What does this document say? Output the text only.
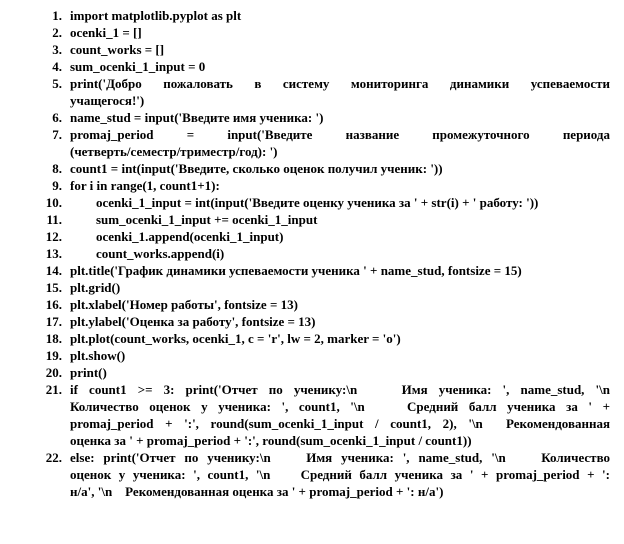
1. import matplotlib.pyplot as plt
2. ocenki_1 = []
3. count_works = []
4. sum_ocenki_1_input = 0
5. print('Добро пожаловать в систему мониторинга динамики успеваемости
учащегося!')
6. name_stud = input('Введите имя ученика: ')
7. promaj_period = input('Введите название промежуточного периода
(четверть/семестр/триместр/год): ')
8. count1 = int(input('Введите, сколько оценок получил ученик: '))
9. for i in range(1, count1+1):
10.	ocenki_1_input = int(input('Введите оценку ученика за ' + str(i) + ' работу: '))
11.	sum_ocenki_1_input += ocenki_1_input
12.	ocenki_1.append(ocenki_1_input)
13.	count_works.append(i)
14. plt.title('График динамики успеваемости ученика ' + name_stud, fontsize = 15)
15. plt.grid()
16. plt.xlabel('Номер работы', fontsize = 13)
17. plt.ylabel('Оценка за работу', fontsize = 13)
18. plt.plot(count_works, ocenki_1, c = 'r', lw = 2, marker = 'o')
19. plt.show()
20. print()
21. if count1 >= 3: print('Отчет по ученику:\n    Имя ученика: ', name_stud, '\n
Количество оценок у ученика: ', count1, '\n    Средний балл ученика за ' +
promaj_period + ':', round(sum_ocenki_1_input / count1, 2), '\n  Рекомендованная
оценка за ' + promaj_period + ':', round(sum_ocenki_1_input / count1))
22. else: print('Отчет по ученику:\n    Имя ученика: ', name_stud, '\n    Количество
оценок у ученика: ', count1, '\n    Средний балл ученика за ' + promaj_period + ':
н/а', '\n    Рекомендованная оценка за ' + promaj_period + ': н/а')
